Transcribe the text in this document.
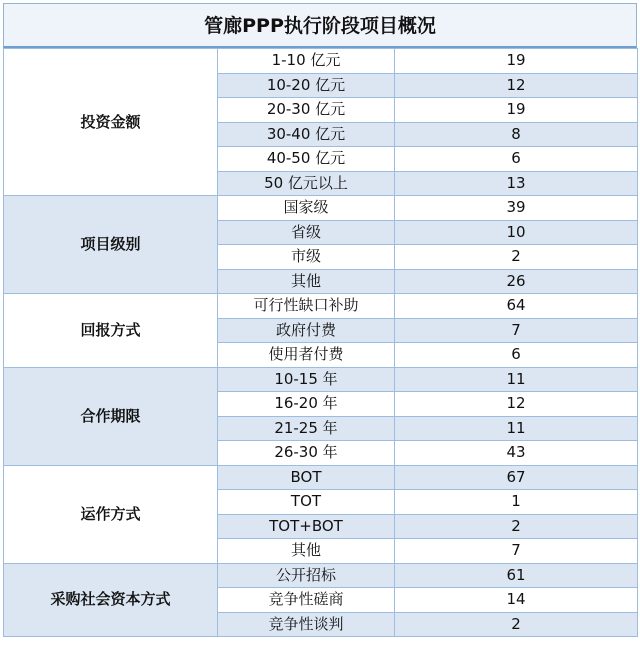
管廊PPP执行阶段项目概况
投资金额	1-10 亿元	19
	10-20 亿元	12
	20-30 亿元	19
	30-40 亿元	8
	40-50 亿元	6
	50 亿元以上	13
项目级别	国家级	39
	省级	10
	市级	2
	其他	26
回报方式	可行性缺口补助	64
	政府付费	7
	使用者付费	6
合作期限	10-15 年	11
	16-20 年	12
	21-25 年	11
	26-30 年	43
运作方式	BOT	67
	TOT	1
	TOT+BOT	2
	其他	7
采购社会资本方式	公开招标	61
	竞争性磋商	14
	竞争性谈判	2
